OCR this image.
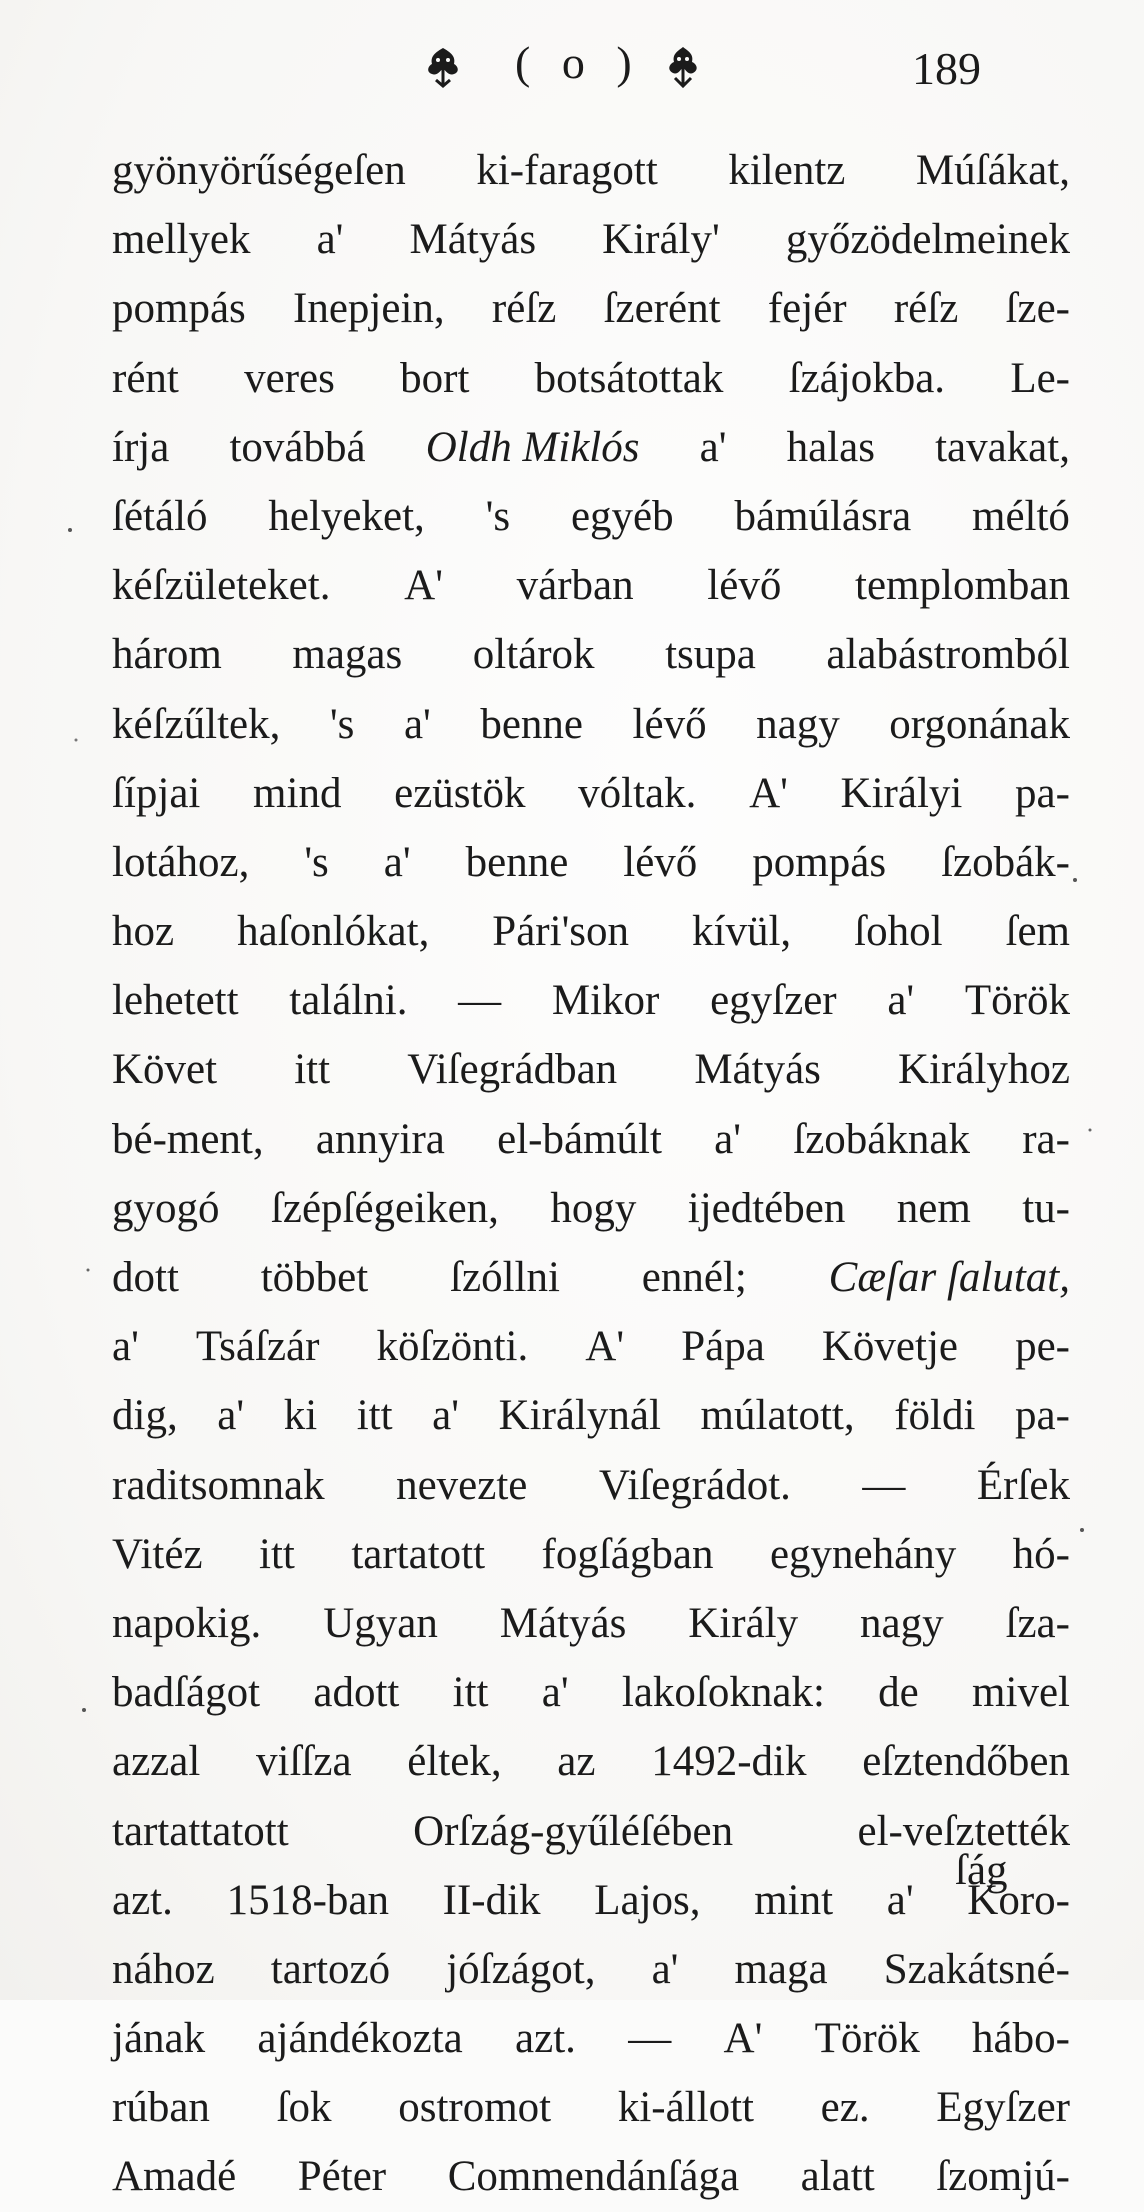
( o )	189
gyönyörűségeſen ki-faragott kilentz Múſákat,
mellyek a' Mátyás Király' győzödelmeinek
pompás Inepjein, réſz ſzerént fejér réſz ſze-
rént veres bort botsátottak ſzájokba. Le-
írja továbbá Oldh Miklós a' halas tavakat,
ſétáló helyeket, 's egyéb bámúlásra méltó
kéſzületeket. A' várban lévő templomban
három magas oltárok tsupa alabástromból
kéſzűltek, 's a' benne lévő nagy orgonának
ſípjai mind ezüstök vóltak. A' Királyi pa-
lotához, 's a' benne lévő pompás ſzobák-
hoz haſonlókat, Pári'son kívül, ſohol ſem
lehetett találni. — Mikor egyſzer a' Török
Követ itt Viſegrádban Mátyás Királyhoz
bé-ment, annyira el-bámúlt a' ſzobáknak ra-
gyogó ſzépſégeiken, hogy ijedtében nem tu-
dott többet ſzóllni ennél; Cæſar ſalutat,
a' Tsáſzár köſzönti. A' Pápa Követje pe-
dig, a' ki itt a' Királynál múlatott, földi pa-
raditsomnak nevezte Viſegrádot. — Érſek
Vitéz itt tartatott fogſágban egynehány hó-
napokig. Ugyan Mátyás Király nagy ſza-
badſágot adott itt a' lakoſoknak: de mivel
azzal viſſza éltek, az 1492-dik eſztendőben
tartattatott	Orſzág-gyűléſében	el-veſztették
azt. 1518-ban II-dik Lajos, mint a' Koro-
nához tartozó jóſzágot, a' maga Szakátsné-
jának ajándékozta azt. — A' Török hábo-
rúban ſok ostromot ki-állott ez. Egyſzer
Amadé Péter Commendánſága alatt ſzomjú-
ſág
